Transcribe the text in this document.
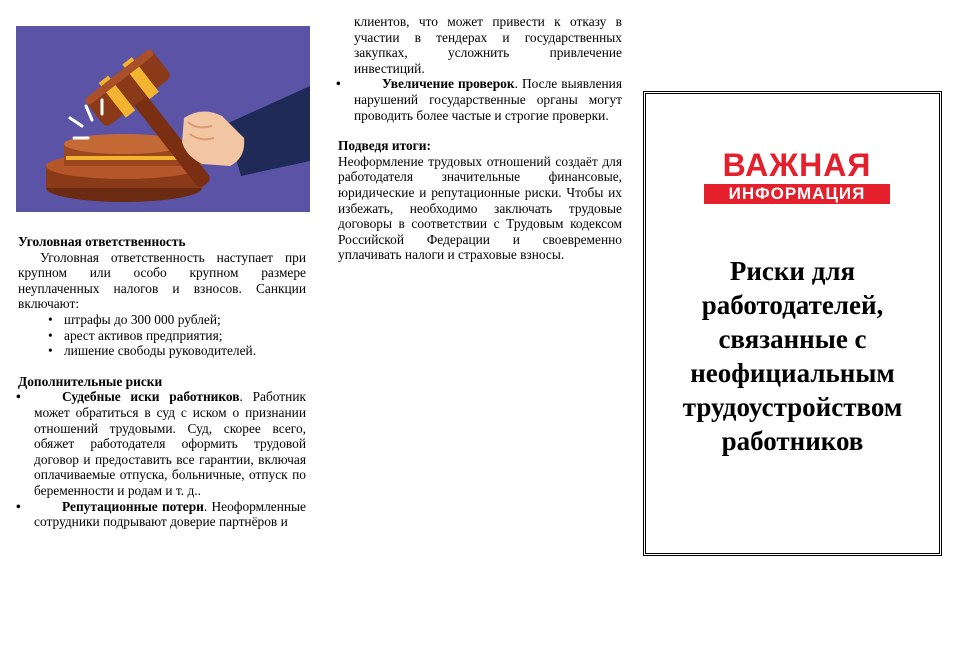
Уголовная ответственность
Уголовная ответственность наступает при крупном или особо крупном размере неуплаченных налогов и взносов. Санкции включают:
• штрафы до 300 000 рублей;
• арест активов предприятия;
• лишение свободы руководителей.
Дополнительные риски
• Судебные иски работников. Работник может обратиться в суд с иском о признании отношений трудовыми. Суд, скорее всего, обяжет работодателя оформить трудовой договор и предоставить все гарантии, включая оплачиваемые отпуска, больничные, отпуск по беременности и родам и т. д..
• Репутационные потери. Неоформленные сотрудники подрывают доверие партнёров и
клиентов, что может привести к отказу в участии в тендерах и государственных закупках, усложнить привлечение инвестиций.
• Увеличение проверок. После выявления нарушений государственные органы могут проводить более частые и строгие проверки.
Подведя итоги:
Неоформление трудовых отношений создаёт для работодателя значительные финансовые, юридические и репутационные риски. Чтобы их избежать, необходимо заключать трудовые договоры в соответствии с Трудовым кодексом Российской Федерации и своевременно уплачивать налоги и страховые взносы.
ВАЖНАЯ
ИНФОРМАЦИЯ
Риски для работодателей, связанные с неофициальным трудоустройством работников
